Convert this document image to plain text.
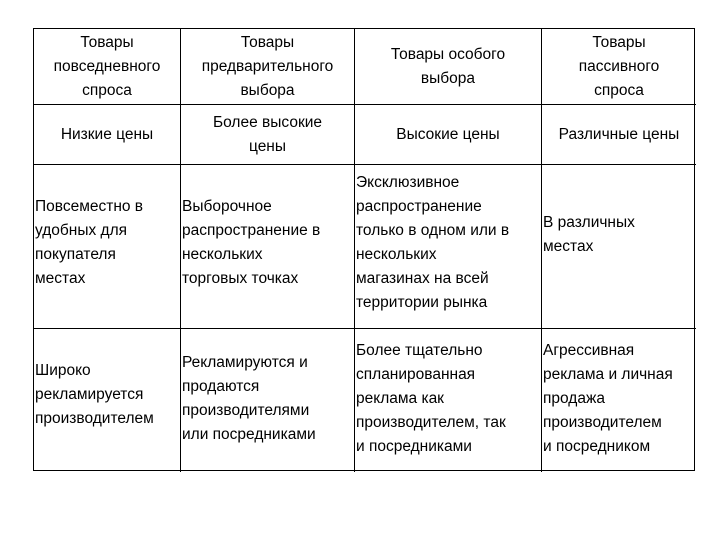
Товары
повседневного
спроса
Товары
предварительного
выбора
Товары особого
выбора
Товары
пассивного
спроса
Низкие цены
Более высокие
цены
Высокие цены	Различные цены
Повсеместно в
удобных для
покупателя
местах
Выборочное
распространение в
нескольких
торговых точках
Эксклюзивное
распространение
только в одном или в
нескольких
магазинах на всей
территории рынка
В различных
местах
Широко
рекламируется
производителем
Рекламируются и
продаются
производителями
или посредниками
Более тщательно
спланированная
реклама как
производителем, так
и посредниками
Агрессивная
реклама и личная
продажа
производителем
и посредником
